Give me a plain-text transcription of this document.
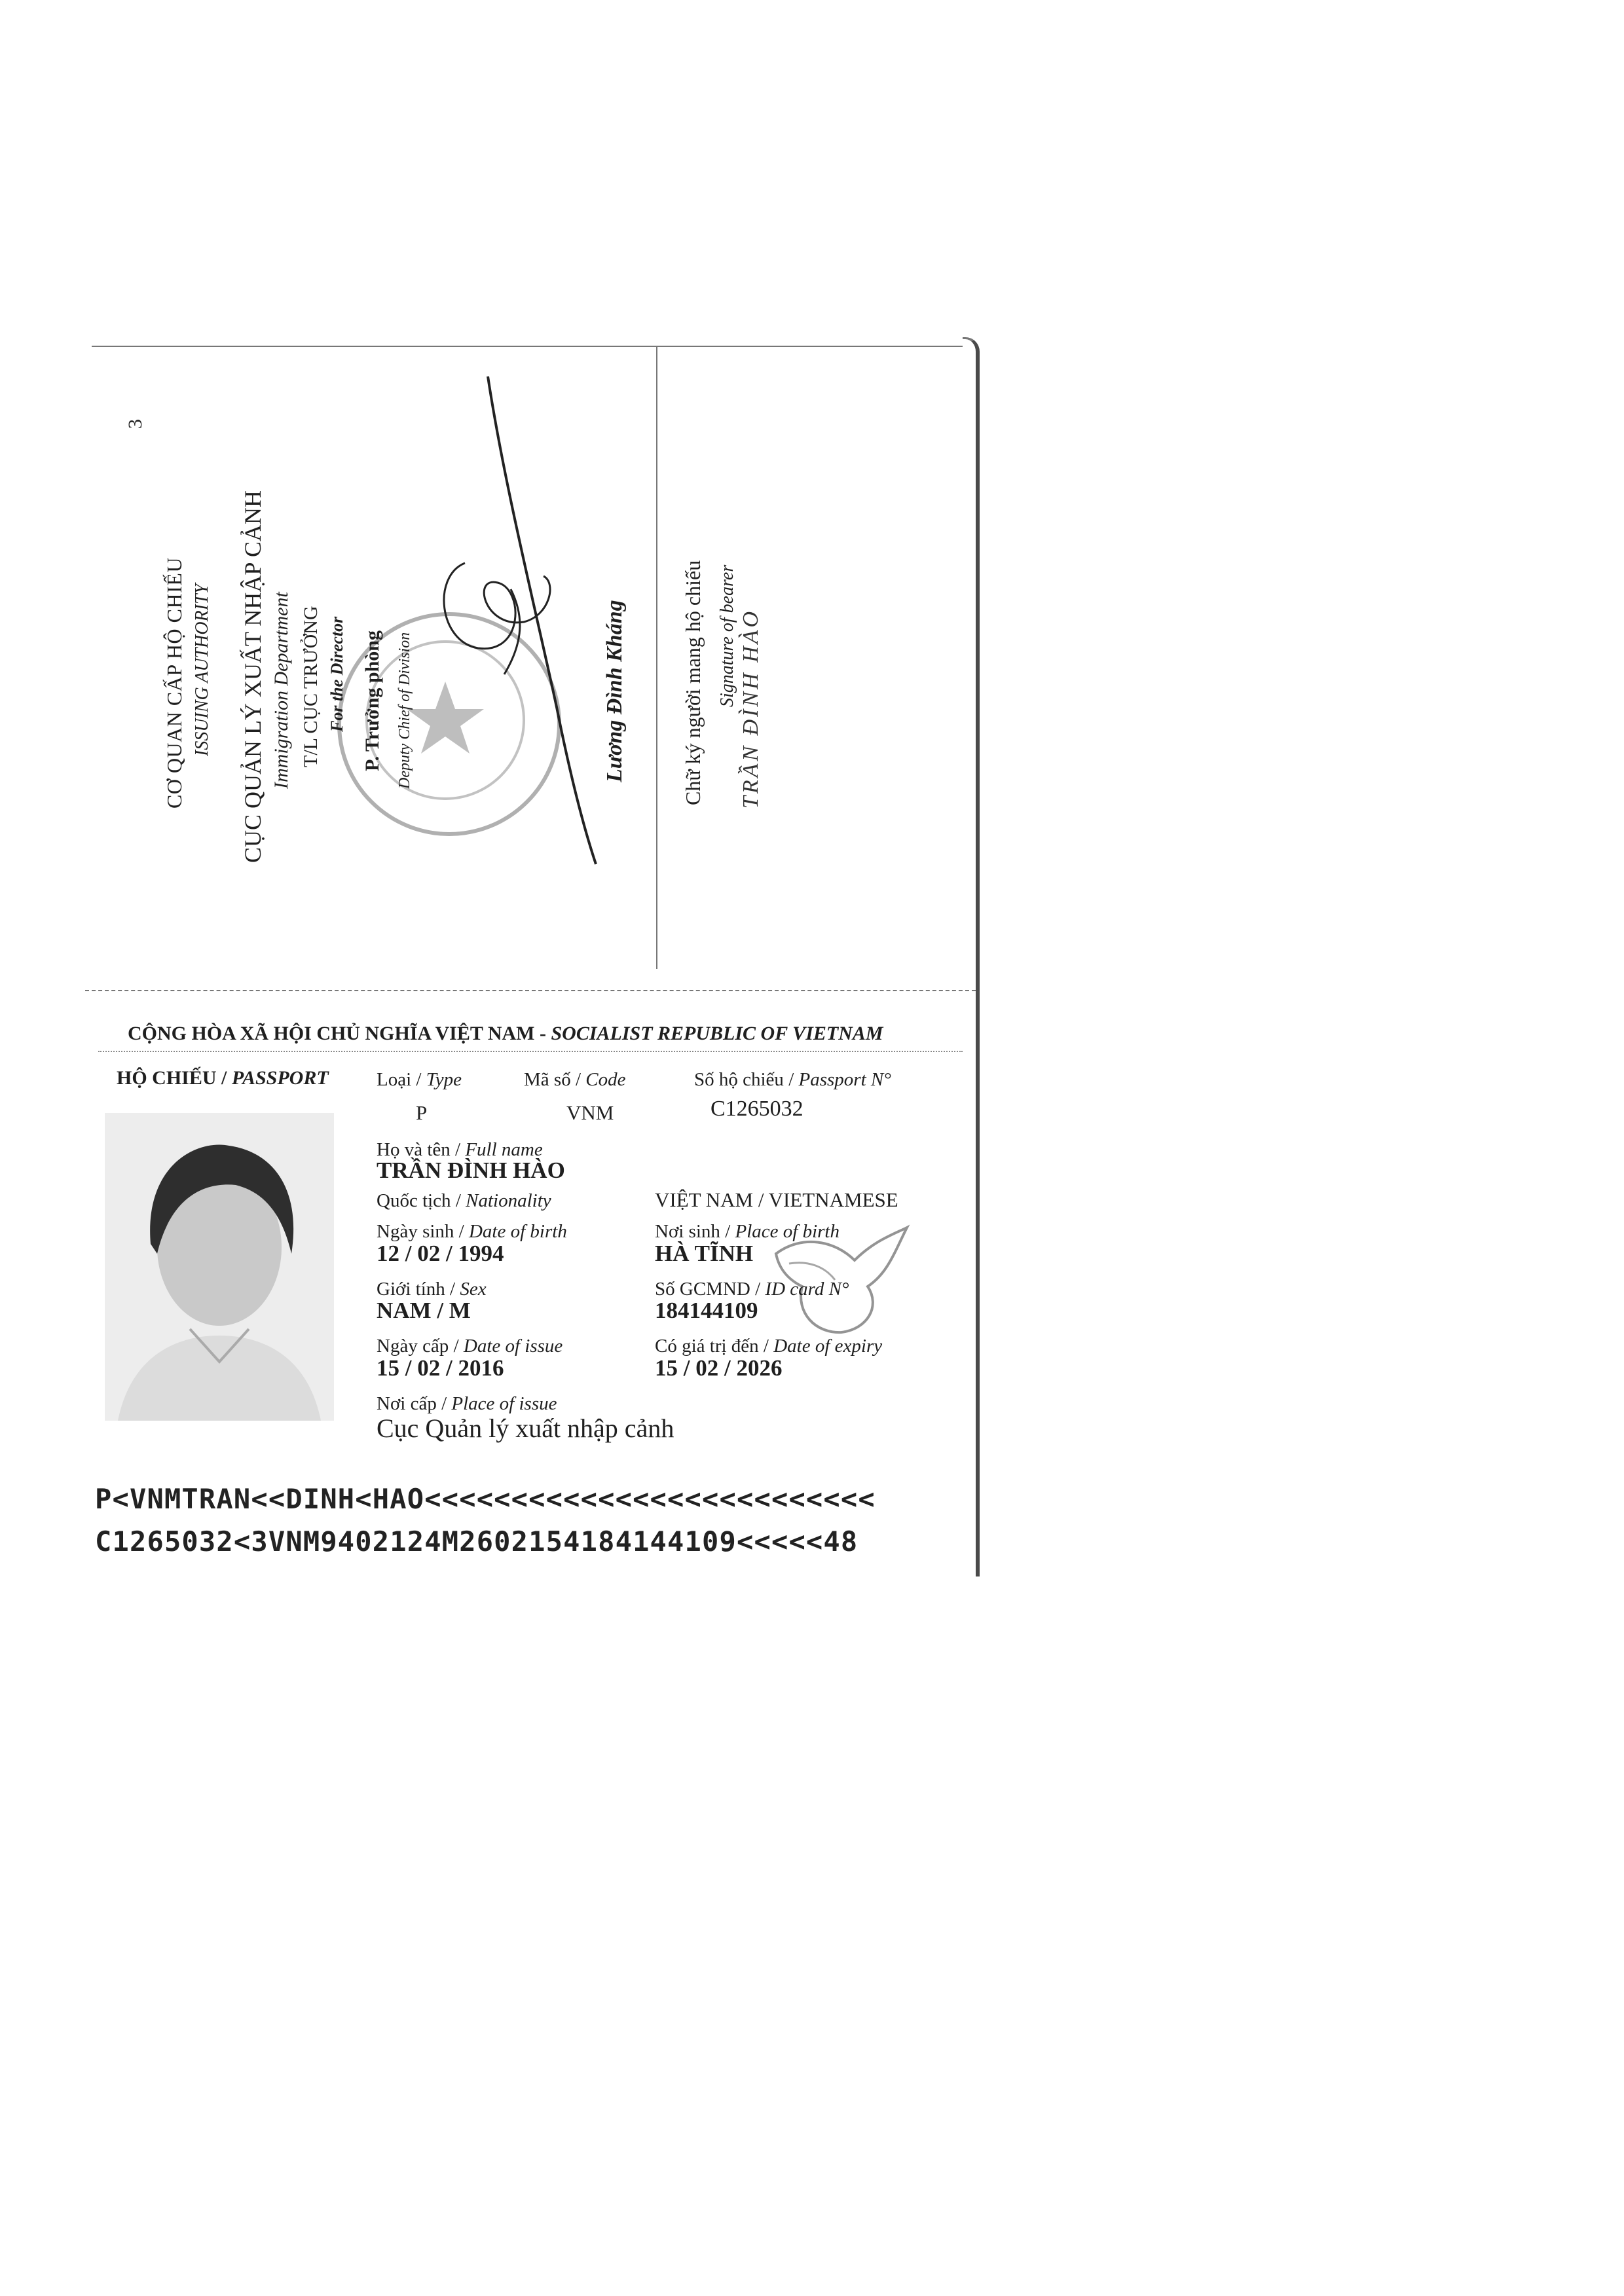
3
CƠ QUAN CẤP HỘ CHIẾU ISSUING AUTHORITY CỤC QUẢN LÝ XUẤT NHẬP CẢNH Immigration Department T/L CỤC TRƯỞNG For the Director P. Trưởng phòng Deputy Chief of Division	Lương Đình Kháng	Chữ ký người mang hộ chiếu Signature of bearer TRẦN ĐÌNH HÀO
CỘNG HÒA XÃ HỘI CHỦ NGHĨA VIỆT NAM - SOCIALIST REPUBLIC OF VIETNAM
HỘ CHIẾU / PASSPORT	Loại / Type
P
Mã số / Code
VNM
Số hộ chiếu / Passport N°
C1265032
Họ và tên / Full name
TRẦN ĐÌNH HÀO
Quốc tịch / Nationality	VIỆT NAM / VIETNAMESE
Ngày sinh / Date of birth
12 / 02 / 1994
Nơi sinh / Place of birth
HÀ TĨNH
Giới tính / Sex
NAM / M
Số GCMND / ID card N°
184144109
Ngày cấp / Date of issue
15 / 02 / 2016
Có giá trị đến / Date of expiry
15 / 02 / 2026
Nơi cấp / Place of issue
Cục Quản lý xuất nhập cảnh
P<VNMTRAN<<DINH<HAO<<<<<<<<<<<<<<<<<<<<<<<<<<
C1265032<3VNM9402124M2602154184144109<<<<<48
